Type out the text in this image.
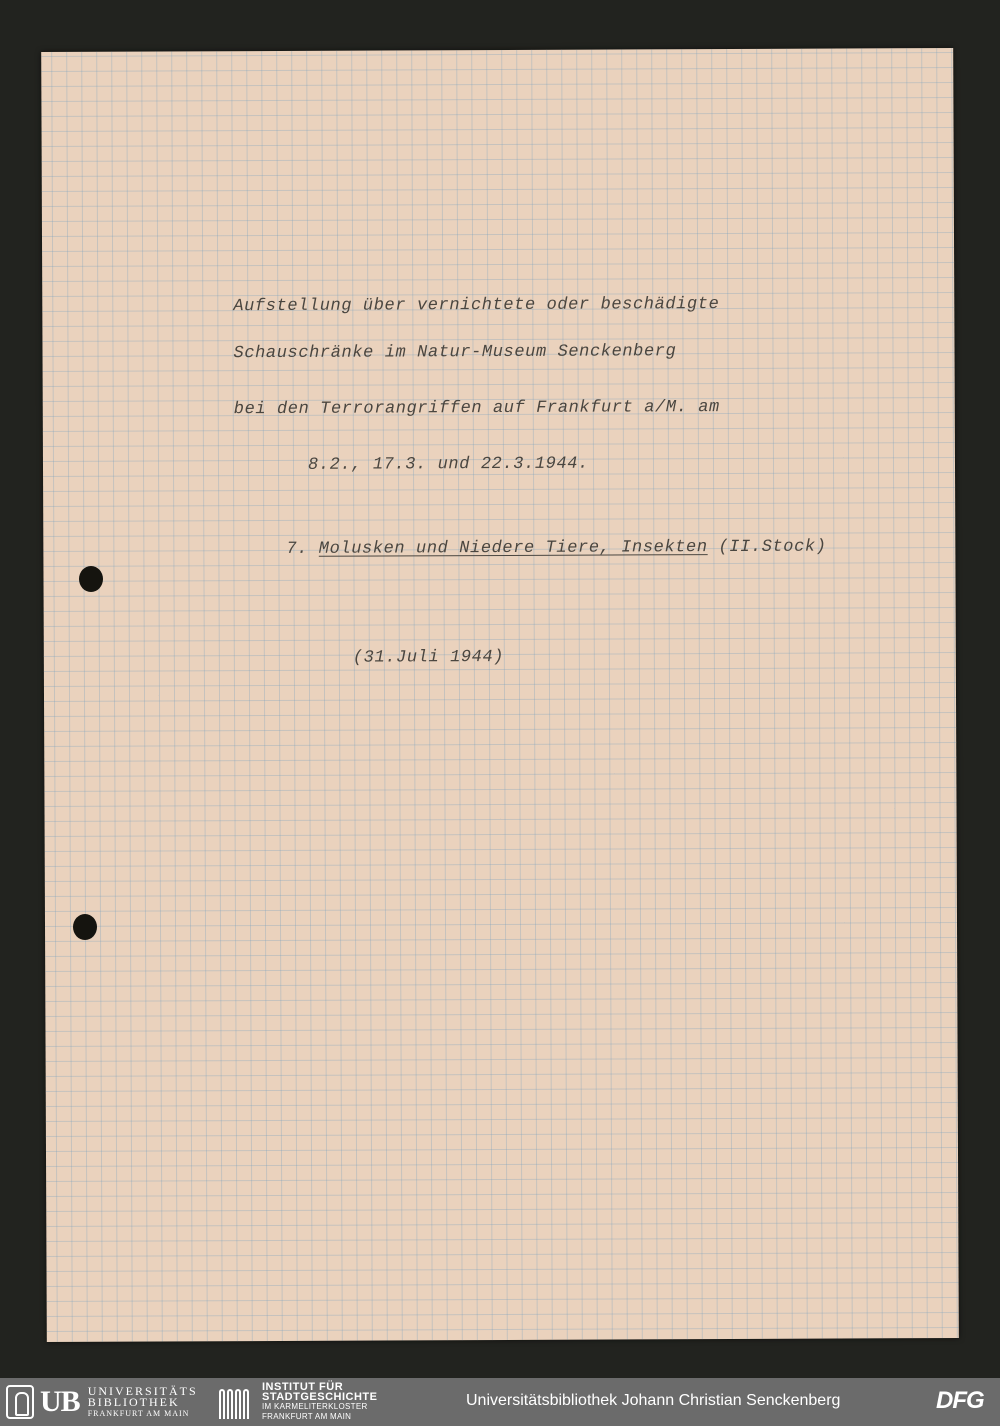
Aufstellung über vernichtete oder beschädigte
Schauschränke im Natur-Museum Senckenberg
bei den Terrorangriffen auf Frankfurt a/M. am
8.2., 17.3. und 22.3.1944.
7. Molusken und Niedere Tiere, Insekten (II.Stock)
(31.Juli 1944)
UB UNIVERSITÄTS
BIBLIOTHEK
FRANKFURT AM MAIN
INSTITUT FÜR
STADTGESCHICHTE
IM KARMELITERKLOSTER
FRANKFURT AM MAIN
Universitätsbibliothek Johann Christian Senckenberg	DFG
